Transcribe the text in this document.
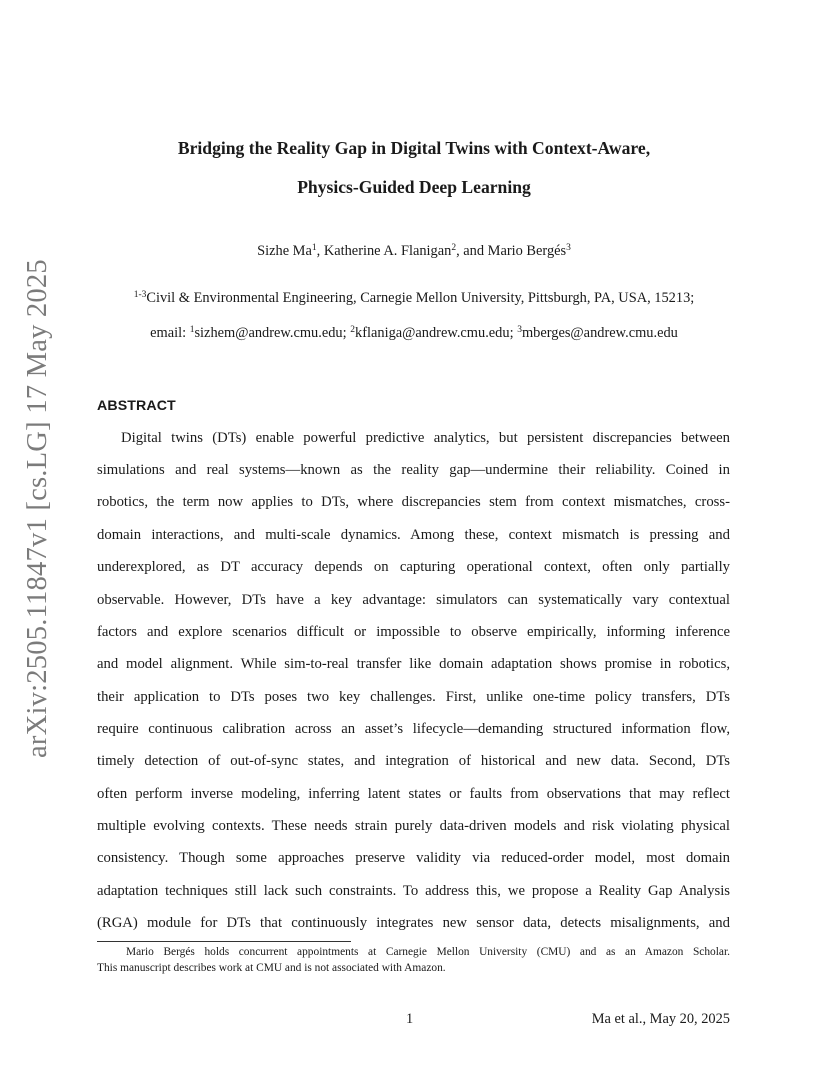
arXiv:2505.11847v1 [cs.LG] 17 May 2025
Bridging the Reality Gap in Digital Twins with Context-Aware,
Physics-Guided Deep Learning
Sizhe Ma$^1$, Katherine A. Flanigan$^2$, and Mario Bergés$^3$
$^{1-3}$Civil & Environmental Engineering, Carnegie Mellon University, Pittsburgh, PA, USA, 15213;
email: $^1$sizhem@andrew.cmu.edu; $^2$kflaniga@andrew.cmu.edu; $^3$mberges@andrew.cmu.edu
ABSTRACT
Digital twins (DTs) enable powerful predictive analytics, but persistent discrepancies between
simulations and real systems—known as the reality gap—undermine their reliability. Coined in
robotics, the term now applies to DTs, where discrepancies stem from context mismatches, cross-
domain interactions, and multi-scale dynamics. Among these, context mismatch is pressing and
underexplored, as DT accuracy depends on capturing operational context, often only partially
observable. However, DTs have a key advantage: simulators can systematically vary contextual
factors and explore scenarios difficult or impossible to observe empirically, informing inference
and model alignment. While sim-to-real transfer like domain adaptation shows promise in robotics,
their application to DTs poses two key challenges. First, unlike one-time policy transfers, DTs
require continuous calibration across an asset’s lifecycle—demanding structured information flow,
timely detection of out-of-sync states, and integration of historical and new data. Second, DTs
often perform inverse modeling, inferring latent states or faults from observations that may reflect
multiple evolving contexts. These needs strain purely data-driven models and risk violating physical
consistency. Though some approaches preserve validity via reduced-order model, most domain
adaptation techniques still lack such constraints. To address this, we propose a Reality Gap Analysis
(RGA) module for DTs that continuously integrates new sensor data, detects misalignments, and
Mario Bergés holds concurrent appointments at Carnegie Mellon University (CMU) and as an Amazon Scholar.
This manuscript describes work at CMU and is not associated with Amazon.
1	Ma et al., May 20, 2025
